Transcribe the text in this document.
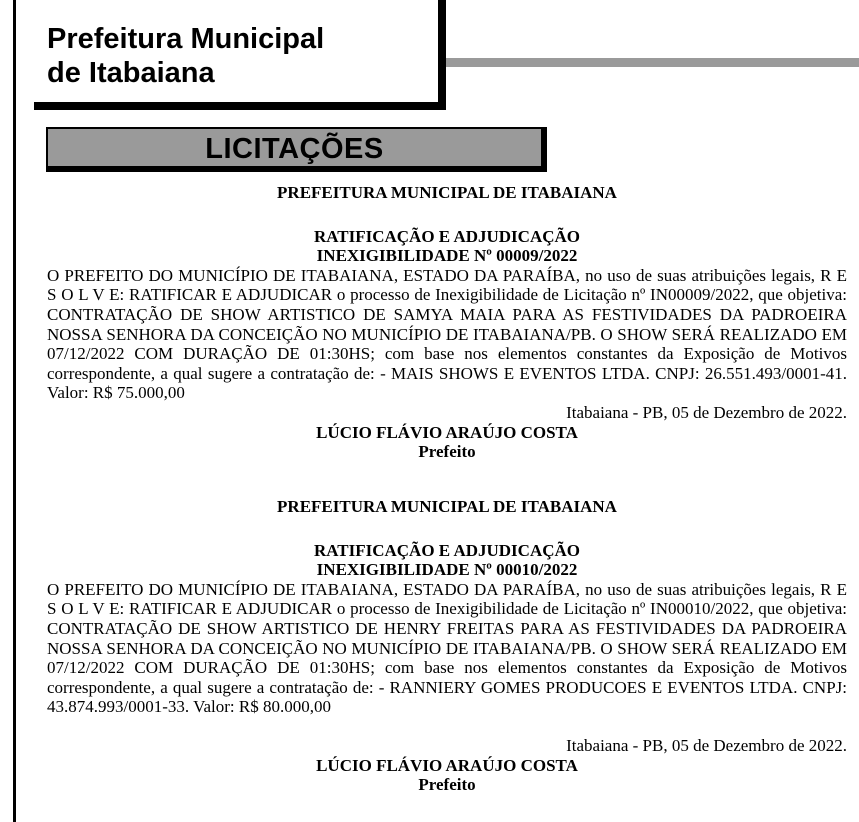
Prefeitura Municipal
de Itabaiana
LICITAÇÕES
PREFEITURA MUNICIPAL DE ITABAIANA
RATIFICAÇÃO E ADJUDICAÇÃO
INEXIGIBILIDADE Nº 00009/2022
O PREFEITO DO MUNICÍPIO DE ITABAIANA, ESTADO DA PARAÍBA, no uso de suas atribuições legais, R E S O L V E: RATIFICAR E ADJUDICAR o processo de Inexigibilidade de Licitação nº IN00009/2022, que objetiva: CONTRATAÇÃO DE SHOW ARTISTICO DE SAMYA MAIA PARA AS FESTIVIDADES DA PADROEIRA NOSSA SENHORA DA CONCEIÇÃO NO MUNICÍPIO DE ITABAIANA/PB. O SHOW SERÁ REALIZADO EM 07/12/2022 COM DURAÇÃO DE 01:30HS; com base nos elementos constantes da Exposição de Motivos correspondente, a qual sugere a contratação de: - MAIS SHOWS E EVENTOS LTDA. CNPJ: 26.551.493/0001-41. Valor: R$ 75.000,00
Itabaiana - PB, 05 de Dezembro de 2022.
LÚCIO FLÁVIO ARAÚJO COSTA
Prefeito
PREFEITURA MUNICIPAL DE ITABAIANA
RATIFICAÇÃO E ADJUDICAÇÃO
INEXIGIBILIDADE Nº 00010/2022
O PREFEITO DO MUNICÍPIO DE ITABAIANA, ESTADO DA PARAÍBA, no uso de suas atribuições legais, R E S O L V E: RATIFICAR E ADJUDICAR o processo de Inexigibilidade de Licitação nº IN00010/2022, que objetiva: CONTRATAÇÃO DE SHOW ARTISTICO DE HENRY FREITAS PARA AS FESTIVIDADES DA PADROEIRA NOSSA SENHORA DA CONCEIÇÃO NO MUNICÍPIO DE ITABAIANA/PB. O SHOW SERÁ REALIZADO EM 07/12/2022 COM DURAÇÃO DE 01:30HS; com base nos elementos constantes da Exposição de Motivos correspondente, a qual sugere a contratação de: - RANNIERY GOMES PRODUCOES E EVENTOS LTDA. CNPJ: 43.874.993/0001-33. Valor: R$ 80.000,00
Itabaiana - PB, 05 de Dezembro de 2022.
LÚCIO FLÁVIO ARAÚJO COSTA
Prefeito
